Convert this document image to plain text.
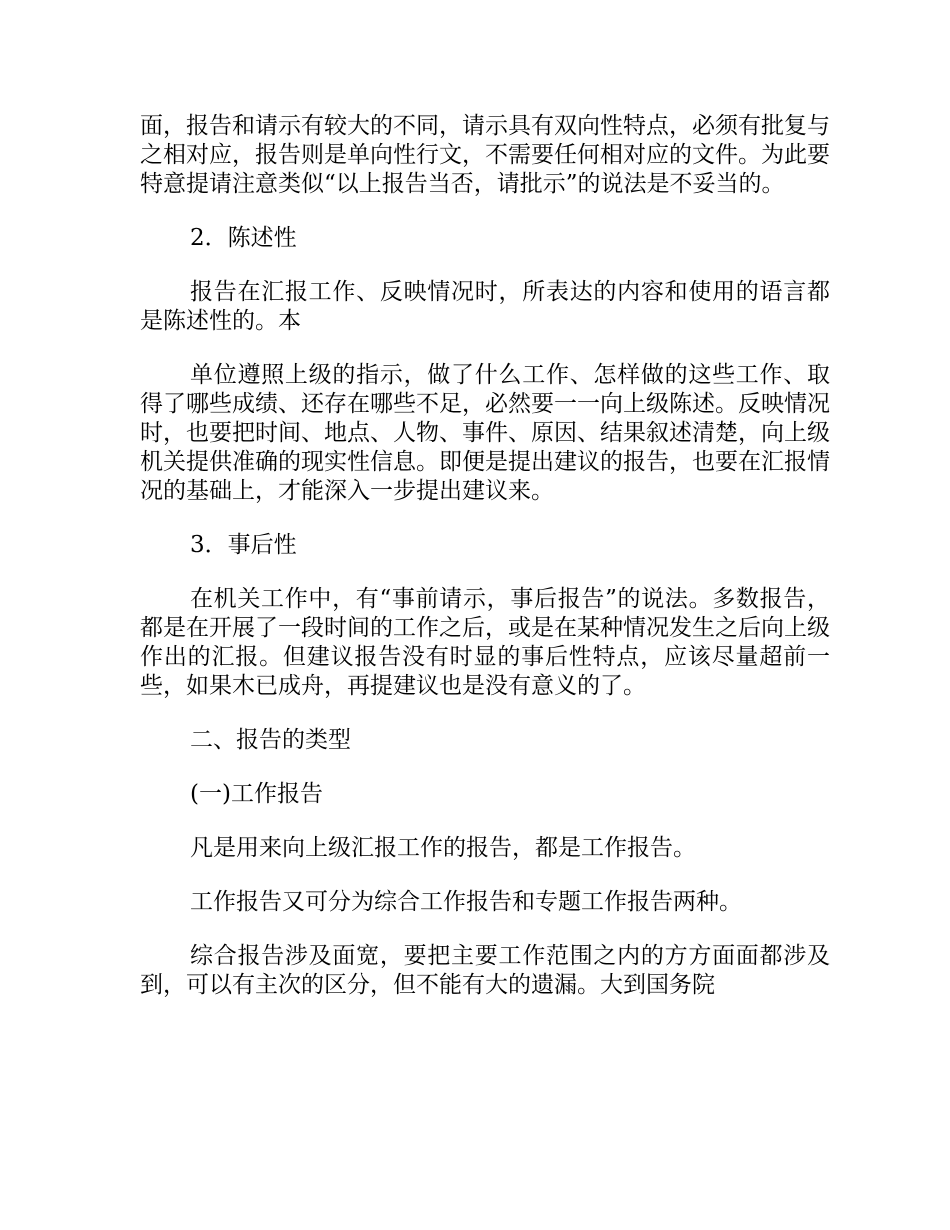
面，报告和请示有较大的不同，请示具有双向性特点，必须有批复与之相对应，报告则是单向性行文，不需要任何相对应的文件。为此要特意提请注意类似“以上报告当否，请批示”的说法是不妥当的。

2．陈述性

报告在汇报工作、反映情况时，所表达的内容和使用的语言都是陈述性的。本

单位遵照上级的指示，做了什么工作、怎样做的这些工作、取得了哪些成绩、还存在哪些不足，必然要一一向上级陈述。反映情况时，也要把时间、地点、人物、事件、原因、结果叙述清楚，向上级机关提供准确的现实性信息。即便是提出建议的报告，也要在汇报情况的基础上，才能深入一步提出建议来。

3．事后性

在机关工作中，有“事前请示，事后报告”的说法。多数报告，都是在开展了一段时间的工作之后，或是在某种情况发生之后向上级作出的汇报。但建议报告没有时显的事后性特点，应该尽量超前一些，如果木已成舟，再提建议也是没有意义的了。

二、报告的类型

(一)工作报告

凡是用来向上级汇报工作的报告，都是工作报告。

工作报告又可分为综合工作报告和专题工作报告两种。

综合报告涉及面宽，要把主要工作范围之内的方方面面都涉及到，可以有主次的区分，但不能有大的遗漏。大到国务院
